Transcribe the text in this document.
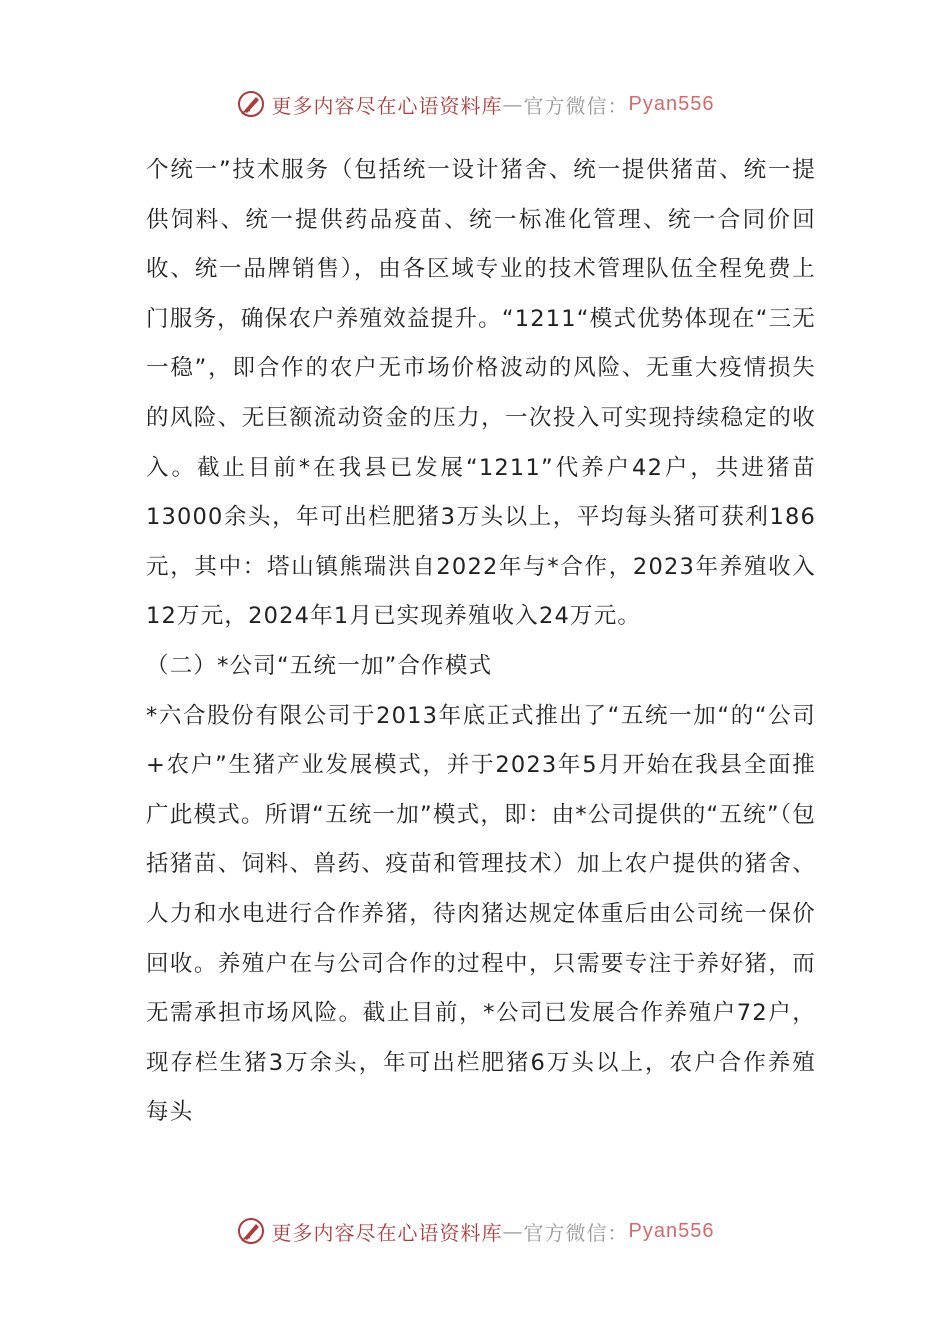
更多内容尽在心语资料库 — 官方微信： Pyan556

个统一”技术服务（包括统一设计猪舍、统一提供猪苗、统一提供饲料、统一提供药品疫苗、统一标准化管理、统一合同价回收、统一品牌销售），由各区域专业的技术管理队伍全程免费上门服务，确保农户养殖效益提升。“1211“模式优势体现在“三无一稳”，即合作的农户无市场价格波动的风险、无重大疫情损失的风险、无巨额流动资金的压力，一次投入可实现持续稳定的收入。截止目前*在我县已发展“1211”代养户42户，共进猪苗13000余头，年可出栏肥猪3万头以上，平均每头猪可获利186元，其中：塔山镇熊瑞洪自2022年与*合作，2023年养殖收入12万元，2024年1月已实现养殖收入24万元。

（二）*公司“五统一加”合作模式

*六合股份有限公司于2013年底正式推出了“五统一加“的“公司+农户”生猪产业发展模式，并于2023年5月开始在我县全面推广此模式。所谓“五统一加”模式，即：由*公司提供的“五统”（包括猪苗、饲料、兽药、疫苗和管理技术）加上农户提供的猪舍、人力和水电进行合作养猪，待肉猪达规定体重后由公司统一保价回收。养殖户在与公司合作的过程中，只需要专注于养好猪，而无需承担市场风险。截止目前，*公司已发展合作养殖户72户，现存栏生猪3万余头，年可出栏肥猪6万头以上，农户合作养殖每头

更多内容尽在心语资料库 — 官方微信： Pyan556
